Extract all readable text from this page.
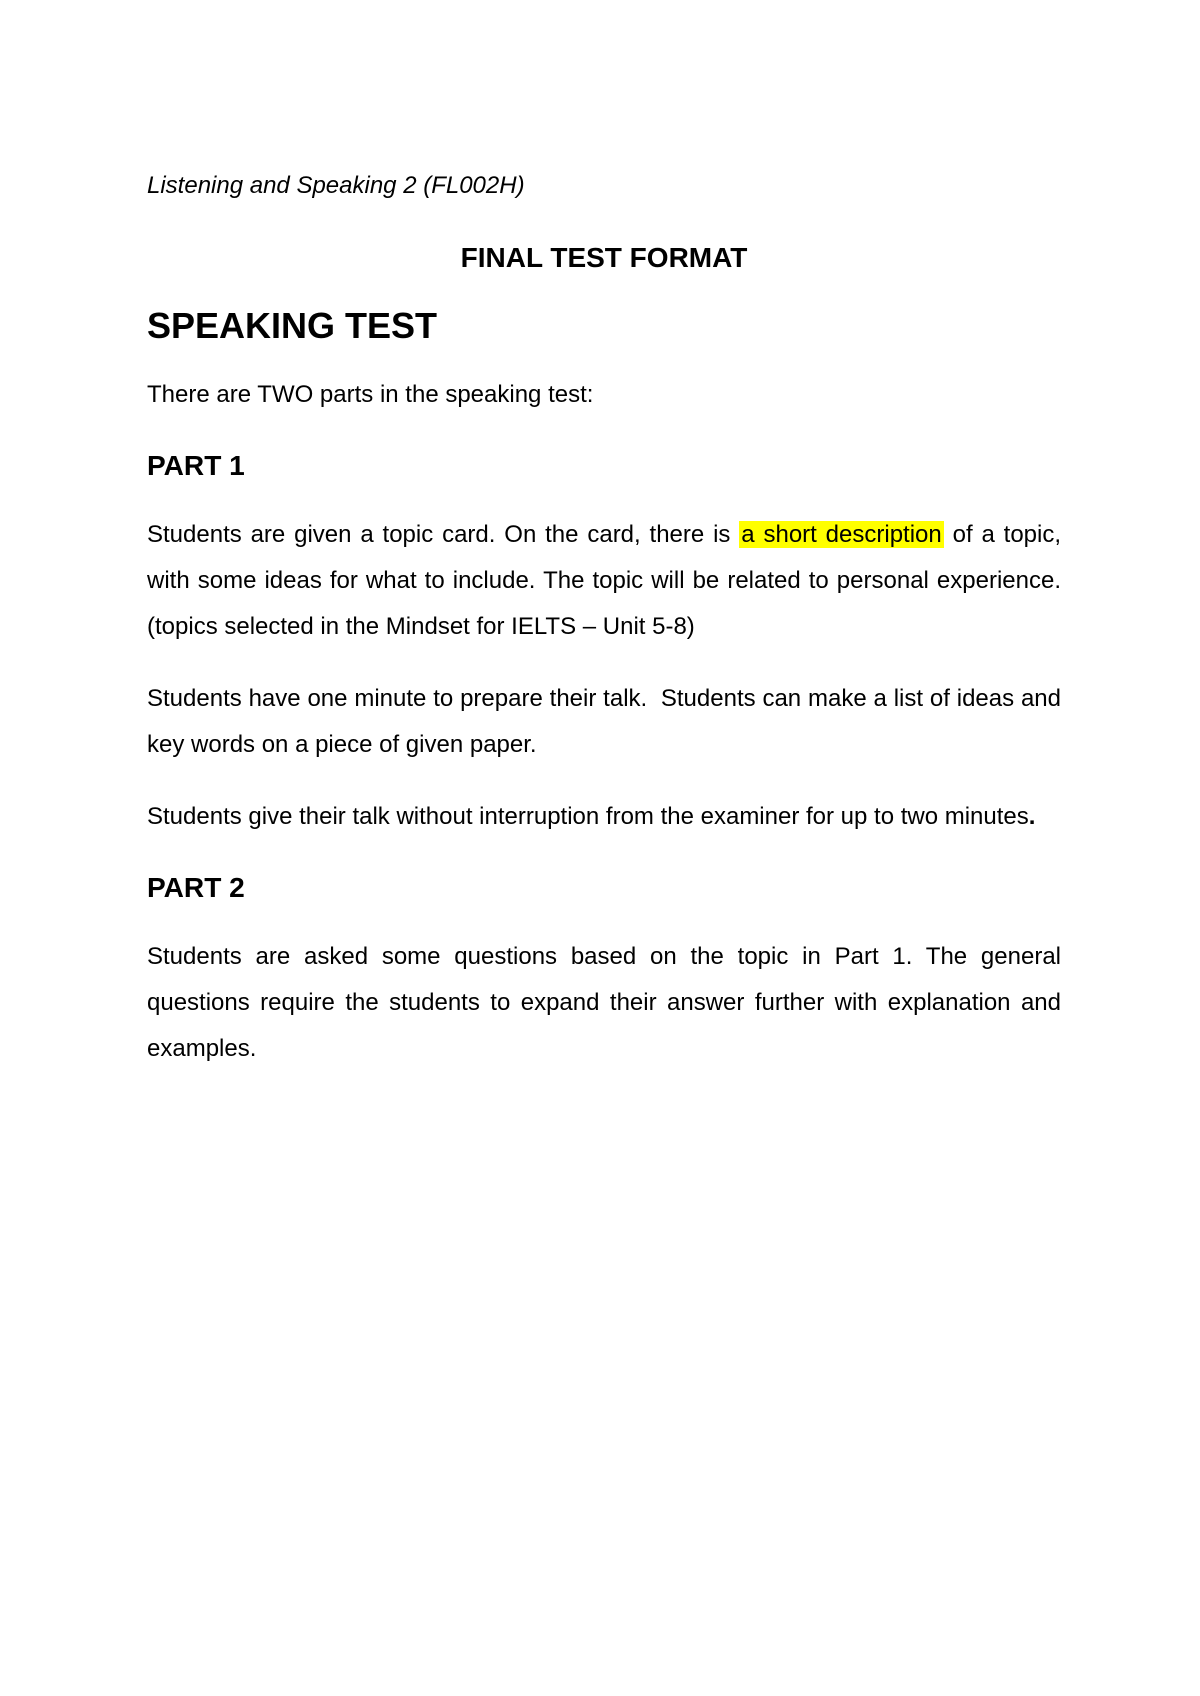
Listening and Speaking 2 (FL002H)

FINAL TEST FORMAT
SPEAKING TEST

There are TWO parts in the speaking test:

PART 1

Students are given a topic card. On the card, there is a short description of a topic, with some ideas for what to include. The topic will be related to personal experience. (topics selected in the Mindset for IELTS – Unit 5-8)

Students have one minute to prepare their talk.  Students can make a list of ideas and key words on a piece of given paper.

Students give their talk without interruption from the examiner for up to two minutes.

PART 2

Students are asked some questions based on the topic in Part 1. The general questions require the students to expand their answer further with explanation and examples.
